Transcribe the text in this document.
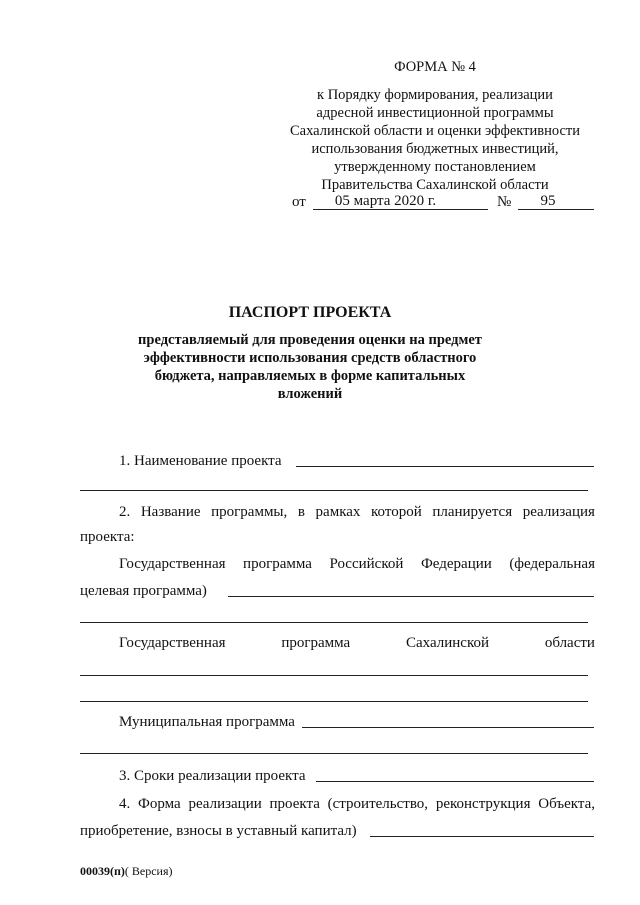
ФОРМА № 4
к Порядку формирования, реализации
адресной инвестиционной программы
Сахалинской области и оценки эффективности
использования бюджетных инвестиций,
утвержденному постановлением
Правительства Сахалинской области
от	05 марта 2020 г.	№	95
ПАСПОРТ ПРОЕКТА
представляемый для проведения оценки на предмет
эффективности использования средств областного
бюджета, направляемых в форме капитальных
вложений
1. Наименование проекта
2. Название программы, в рамках которой планируется реализация
проекта:
Государственная программа Российской Федерации (федеральная
целевая программа)
Государственная	программа	Сахалинской	области
Муниципальная программа
3. Сроки реализации проекта
4. Форма реализации проекта (строительство, реконструкция Объекта,
приобретение, взносы в уставный капитал)
00039(п)( Версия)
